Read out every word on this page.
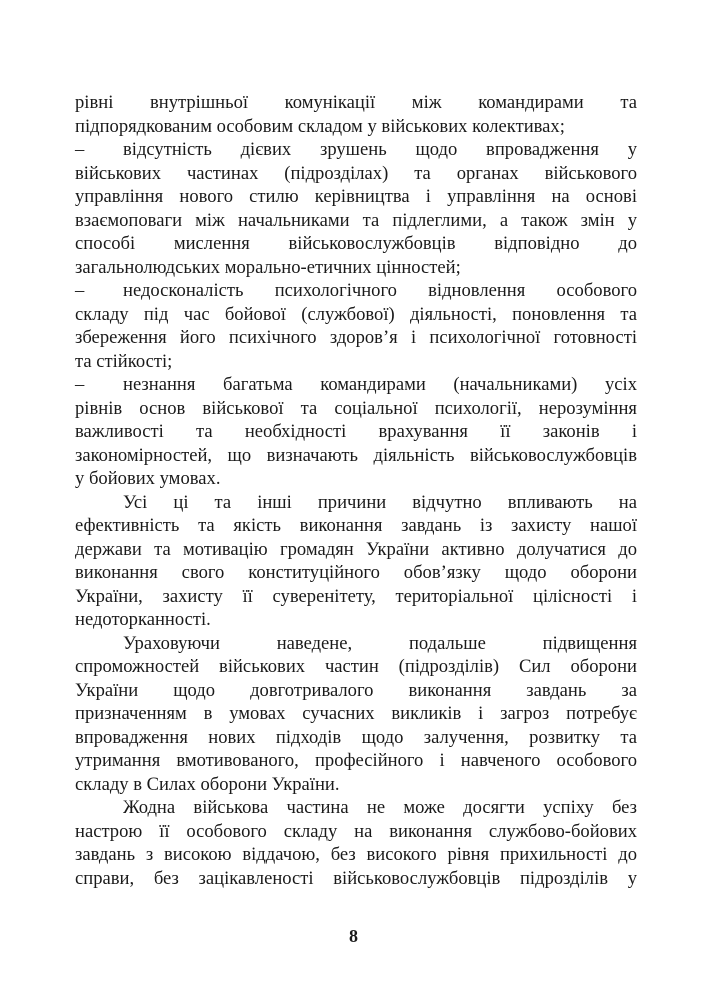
рівні внутрішньої комунікації між командирами та
підпорядкованим особовим складом у військових колективах;
– відсутність дієвих зрушень щодо впровадження у
військових частинах (підрозділах) та органах військового
управління нового стилю керівництва і управління на основі
взаємоповаги між начальниками та підлеглими, а також змін у
способі мислення військовослужбовців відповідно до
загальнолюдських морально-етичних цінностей;
– недосконалість психологічного відновлення особового
складу під час бойової (службової) діяльності, поновлення та
збереження його психічного здоров’я і психологічної готовності
та стійкості;
– незнання багатьма командирами (начальниками) усіх
рівнів основ військової та соціальної психології, нерозуміння
важливості та необхідності врахування її законів і
закономірностей, що визначають діяльність військовослужбовців
у бойових умовах.
Усі ці та інші причини відчутно впливають на
ефективність та якість виконання завдань із захисту нашої
держави та мотивацію громадян України активно долучатися до
виконання свого конституційного обов’язку щодо оборони
України, захисту її суверенітету, територіальної цілісності і
недоторканності.
Ураховуючи наведене, подальше підвищення
спроможностей військових частин (підрозділів) Сил оборони
України щодо довготривалого виконання завдань за
призначенням в умовах сучасних викликів і загроз потребує
впровадження нових підходів щодо залучення, розвитку та
утримання вмотивованого, професійного і навченого особового
складу в Силах оборони України.
Жодна військова частина не може досягти успіху без
настрою її особового складу на виконання службово-бойових
завдань з високою віддачою, без високого рівня прихильності до
справи, без зацікавленості військовослужбовців підрозділів у
8
